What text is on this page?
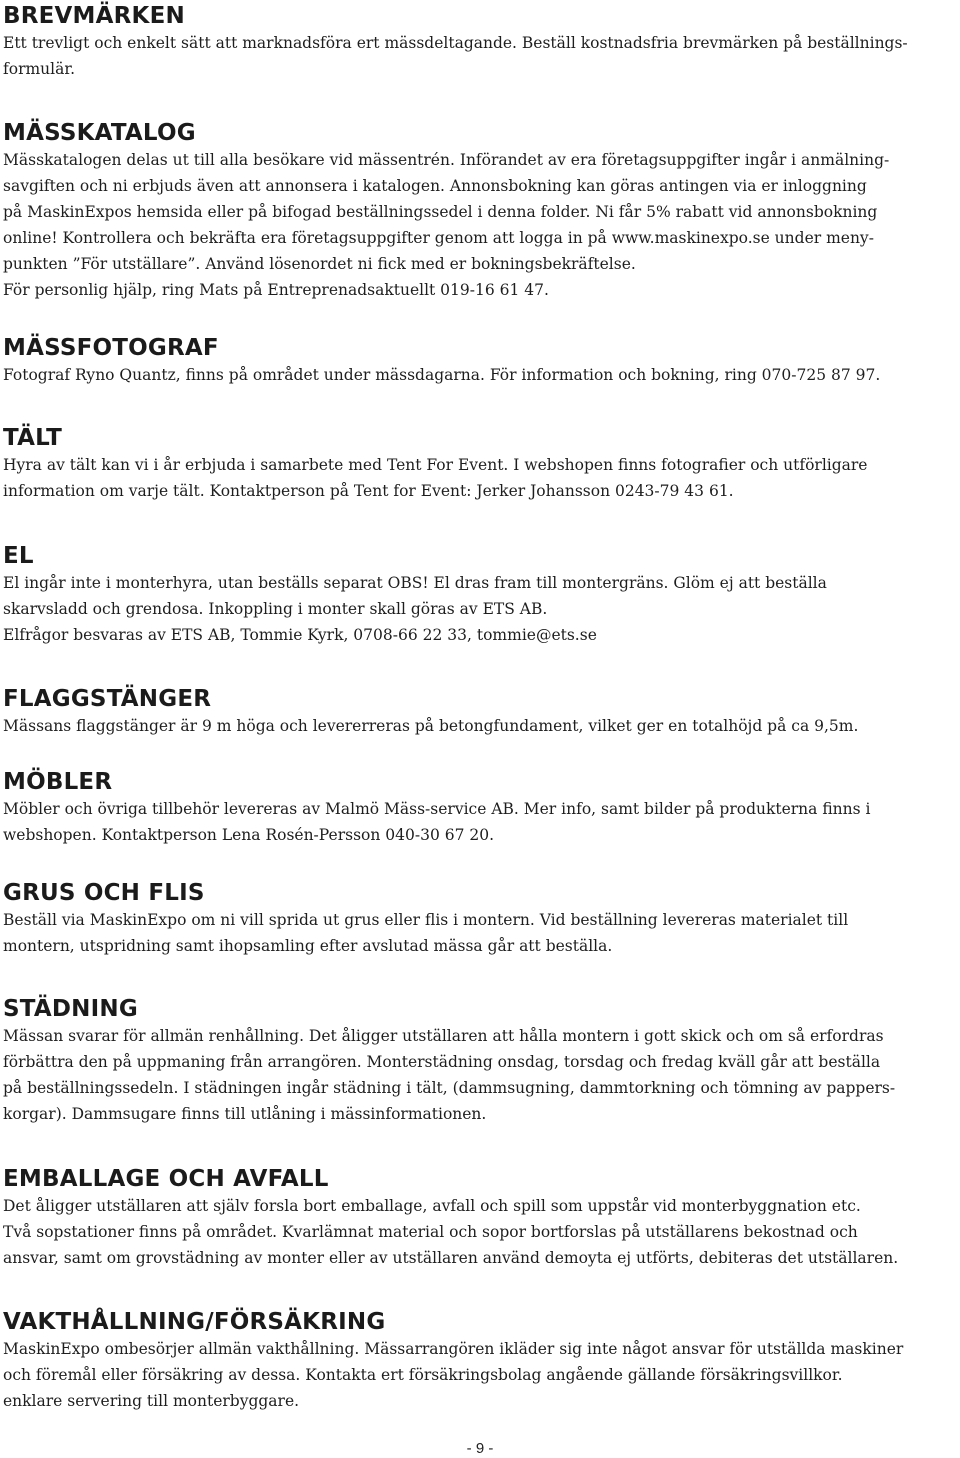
BREVMÄRKEN
Ett trevligt och enkelt sätt att marknadsföra ert mässdeltagande. Beställ kostnadsfria brevmärken på beställnings-
formulär.
MÄSSKATALOG
Mässkatalogen delas ut till alla besökare vid mässentrén. Införandet av era företagsuppgifter ingår i anmälning-
savgiften och ni erbjuds även att annonsera i katalogen. Annonsbokning kan göras antingen via er inloggning
på MaskinExpos hemsida eller på bifogad beställningssedel i denna folder. Ni får 5% rabatt vid annonsbokning
online! Kontrollera och bekräfta era företagsuppgifter genom att logga in på www.maskinexpo.se under meny-
punkten ”För utställare”. Använd lösenordet ni fick med er bokningsbekräftelse.
För personlig hjälp, ring Mats på Entreprenadsaktuellt 019-16 61 47.
MÄSSFOTOGRAF
Fotograf Ryno Quantz, finns på området under mässdagarna. För information och bokning, ring 070-725 87 97.
TÄLT
Hyra av tält kan vi i år erbjuda i samarbete med Tent For Event. I webshopen finns fotografier och utförligare
information om varje tält. Kontaktperson på Tent for Event: Jerker Johansson 0243-79 43 61.
EL
El ingår inte i monterhyra, utan beställs separat OBS! El dras fram till montergräns. Glöm ej att beställa
skarvsladd och grendosa. Inkoppling i monter skall göras av ETS AB.
Elfrågor besvaras av ETS AB, Tommie Kyrk, 0708-66 22 33, tommie@ets.se
FLAGGSTÄNGER
Mässans flaggstänger är 9 m höga och levererreras på betongfundament, vilket ger en totalhöjd på ca 9,5m.
MÖBLER
Möbler och övriga tillbehör levereras av Malmö Mäss-service AB. Mer info, samt bilder på produkterna finns i
webshopen. Kontaktperson Lena Rosén-Persson 040-30 67 20.
GRUS OCH FLIS
Beställ via MaskinExpo om ni vill sprida ut grus eller flis i montern. Vid beställning levereras materialet till
montern, utspridning samt ihopsamling efter avslutad mässa går att beställa.
STÄDNING
Mässan svarar för allmän renhållning. Det åligger utställaren att hålla montern i gott skick och om så erfordras
förbättra den på uppmaning från arrangören. Monterstädning onsdag, torsdag och fredag kväll går att beställa
på beställningssedeln. I städningen ingår städning i tält, (dammsugning, dammtorkning och tömning av pappers-
korgar). Dammsugare finns till utlåning i mässinformationen.
EMBALLAGE OCH AVFALL
Det åligger utställaren att själv forsla bort emballage, avfall och spill som uppstår vid monterbyggnation etc.
Två sopstationer finns på området. Kvarlämnat material och sopor bortforslas på utställarens bekostnad och
ansvar, samt om grovstädning av monter eller av utställaren använd demoyta ej utförts, debiteras det utställaren.
VAKTHÅLLNING/FÖRSÄKRING
MaskinExpo ombesörjer allmän vakthållning. Mässarrangören ikläder sig inte något ansvar för utställda maskiner
och föremål eller försäkring av dessa. Kontakta ert försäkringsbolag angående gällande försäkringsvillkor.
enklare servering till monterbyggare.
- 9 -
